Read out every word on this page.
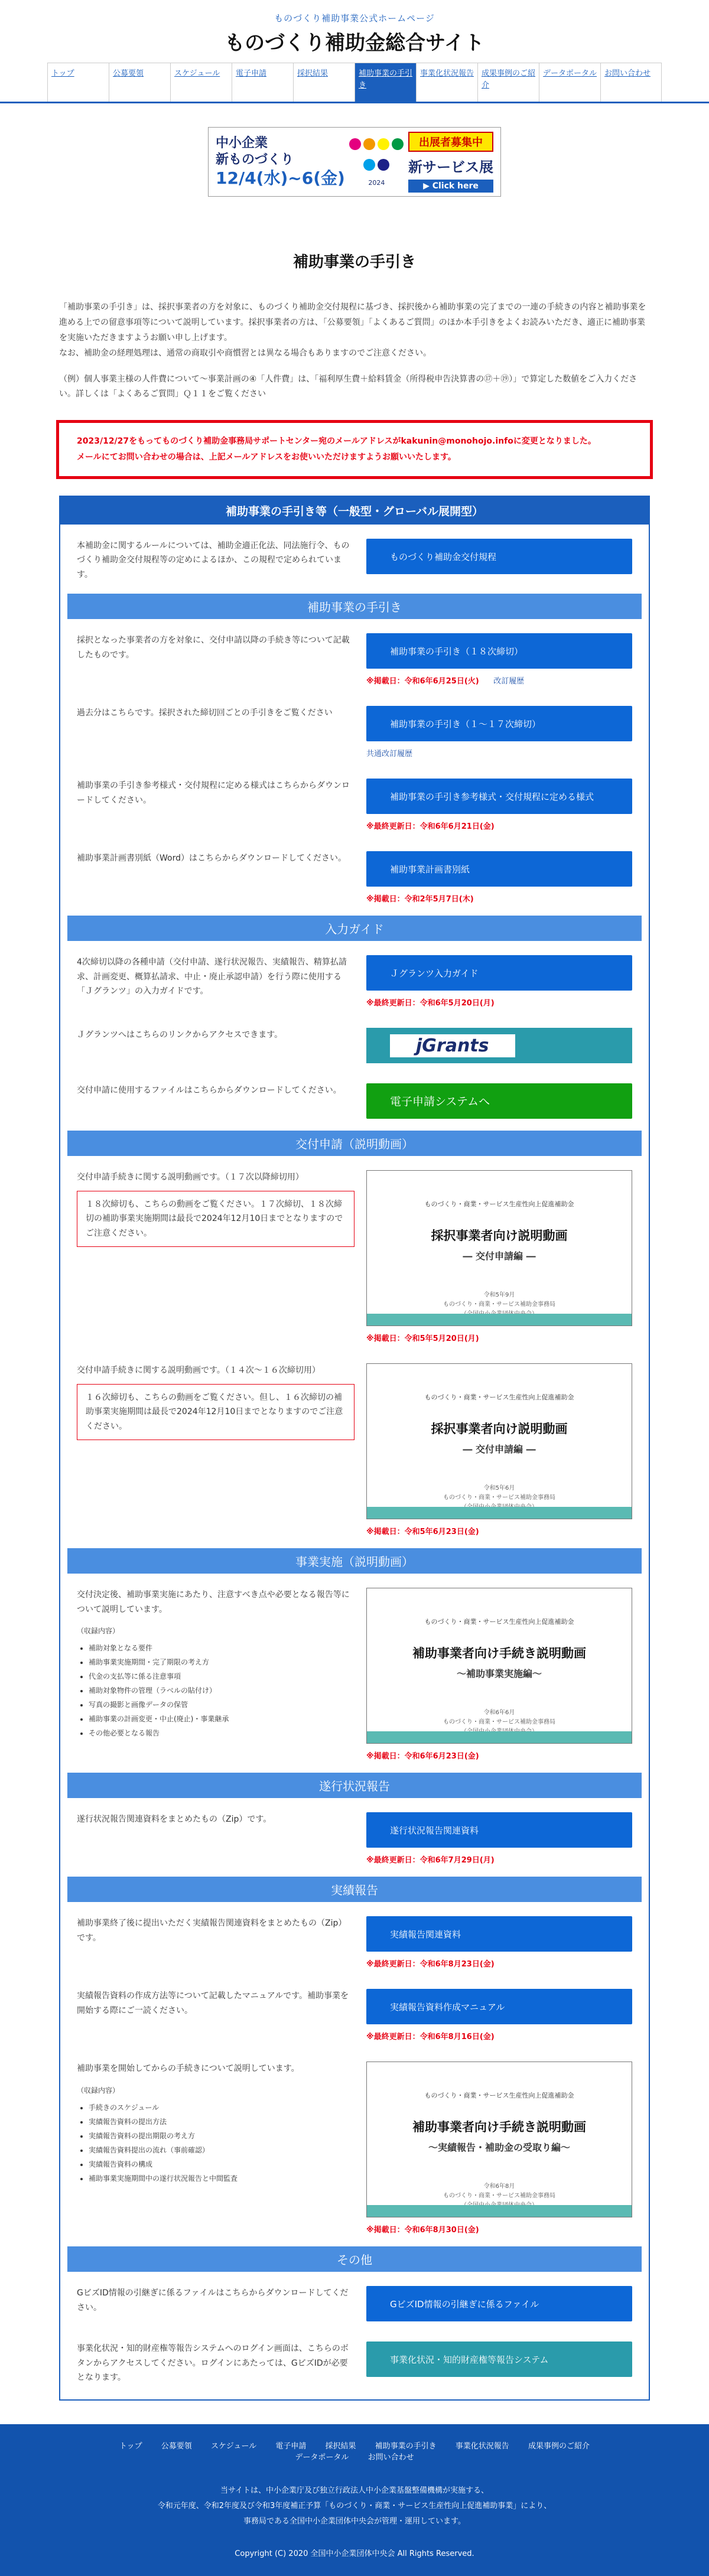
ものづくり補助事業公式ホームページ
ものづくり補助金総合サイト
トップ	公募要領	スケジュール	電子申請	採択結果	補助事業の手引き
事業化状況報告 成果事例のご紹介
データポータル お問い合わせ
中小企業
新ものづくり
12/4(水)~6(金)	2024
出展者募集中
新サービス展
▶ Click here
補助事業の手引き

「補助事業の手引き」は、採択事業者の方を対象に、ものづくり補助金交付規程に基づき、採択後から補助事業の完了までの一連の手続きの内容と補助事業を進める上での留意事項等について説明しています。採択事業者の方は、「公募要領」「よくあるご質問」のほか本手引きをよくお読みいただき、適正に補助事業を実施いただきますようお願い申し上げます。
なお、補助金の経理処理は、通常の商取引や商慣習とは異なる場合もありますのでご注意ください。

（例）個人事業主様の人件費について～事業計画の④「人件費」は、「福利厚生費＋給料賃金（所得税申告決算書の⑰＋⑲）」で算定した数値をご入力ください。詳しくは「よくあるご質問」Ｑ１１をご覧ください

2023/12/27をもってものづくり補助金事務局サポートセンター宛のメールアドレスがkakunin@monohojo.infoに変更となりました。
メールにてお問い合わせの場合は、上記メールアドレスをお使いいただけますようお願いいたします。
補助事業の手引き等（一般型・グローバル展開型）
本補助金に関するルールについては、補助金適正化法、同法施行令、ものづくり補助金交付規程等の定めによるほか、この規程で定められています。
ものづくり補助金交付規程
補助事業の手引き
採択となった事業者の方を対象に、交付申請以降の手続き等について記載したものです。	補助事業の手引き（１８次締切）
※掲載日：令和6年6月25日(火) 改訂履歴
過去分はこちらです。採択された締切回ごとの手引きをご覧ください
補助事業の手引き（１～１７次締切）
共通改訂履歴
補助事業の手引き参考様式・交付規程に定める様式はこちらからダウンロードしてください。	補助事業の手引き参考様式・交付規程に定める様式
※最終更新日：令和6年6月21日(金)
補助事業計画書別紙（Word）はこちらからダウンロードしてください。
補助事業計画書別紙
※掲載日：令和2年5月7日(木)
入力ガイド
4次締切以降の各種申請（交付申請、遂行状況報告、実績報告、精算払請求、計画変更、概算払請求、中止・廃止承認申請）を行う際に使用する「Ｊグランツ」の入力ガイドです。
Ｊグランツ入力ガイド
※最終更新日：令和6年5月20日(月)
Ｊグランツへはこちらのリンクからアクセスできます。
jGrants
交付申請に使用するファイルはこちらからダウンロードしてください。
電子申請システムへ
交付申請（説明動画）
交付申請手続きに関する説明動画です。（１７次以降締切用）
１８次締切も、こちらの動画をご覧ください。１７次締切、１８次締切の補助事業実施期間は最長で2024年12月10日までとなりますのでご注意ください。
ものづくり・商業・サービス生産性向上促進補助金
採択事業者向け説明動画
― 交付申請編 ―
令和5年9月
ものづくり・商業・サービス補助金事務局
※掲載日：令和5年5月20日(月)
交付申請手続きに関する説明動画です。（１４次～１６次締切用）
１６次締切も、こちらの動画をご覧ください。但し、１６次締切の補助事業実施期間は最長で2024年12月10日までとなりますのでご注意ください。
ものづくり・商業・サービス生産性向上促進補助金
採択事業者向け説明動画
― 交付申請編 ―
令和5年6月
ものづくり・商業・サービス補助金事務局
※掲載日：令和5年6月23日(金)
事業実施（説明動画）
交付決定後、補助事業実施にあたり、注意すべき点や必要となる報告等について説明しています。
（収録内容）
• 補助対象となる要件
• 補助事業実施期間・完了期限の考え方
• 代金の支払等に係る注意事項
• 補助対象物件の管理（ラベルの貼付け）
• 写真の撮影と画像データの保管
• 補助事業の計画変更・中止(廃止)・事業継承
• その他必要となる報告
ものづくり・商業・サービス生産性向上促進補助金
補助事業者向け手続き説明動画
～補助事業実施編～
令和6年6月
ものづくり・商業・サービス補助金事務局
※掲載日：令和6年6月23日(金)
遂行状況報告
遂行状況報告関連資料をまとめたもの（Zip）です。
遂行状況報告関連資料
※最終更新日：令和6年7月29日(月)
実績報告
補助事業終了後に提出いただく実績報告関連資料をまとめたもの（Zip）です。	実績報告関連資料
※最終更新日：令和6年8月23日(金)
実績報告資料の作成方法等について記載したマニュアルです。補助事業を開始する際にご一読ください。	実績報告資料作成マニュアル
※最終更新日：令和6年8月16日(金)
補助事業を開始してからの手続きについて説明しています。
（収録内容）
• 手続きのスケジュール
• 実績報告資料の提出方法
• 実績報告資料の提出期限の考え方
• 実績報告資料提出の流れ（事前確認）
• 実績報告資料の構成
• 補助事業実施期間中の遂行状況報告と中間監査
ものづくり・商業・サービス生産性向上促進補助金
補助事業者向け手続き説明動画
～実績報告・補助金の受取り編～
令和6年8月
ものづくり・商業・サービス補助金事務局
※掲載日：令和6年8月30日(金)
その他
GビズID情報の引継ぎに係るファイルはこちらからダウンロードしてください。	GビズID情報の引継ぎに係るファイル
事業化状況・知的財産権等報告システムへのログイン画面は、こちらのボタンからアクセスしてください。ログインにあたっては、GビズIDが必要となります。
事業化状況・知的財産権等報告システム
トップ 公募要領 スケジュール 電子申請 採択結果 補助事業の手引き 事業化状況報告 成果事例のご紹介
データポータル お問い合わせ
当サイトは、中小企業庁及び独立行政法人中小企業基盤整備機構が実施する、
令和元年度、令和2年度及び令和3年度補正予算「ものづくり・商業・サービス生産性向上促進補助事業」により、
事務局である全国中小企業団体中央会が管理・運用しています。
Copyright (C) 2020 全国中小企業団体中央会 All Rights Reserved.
